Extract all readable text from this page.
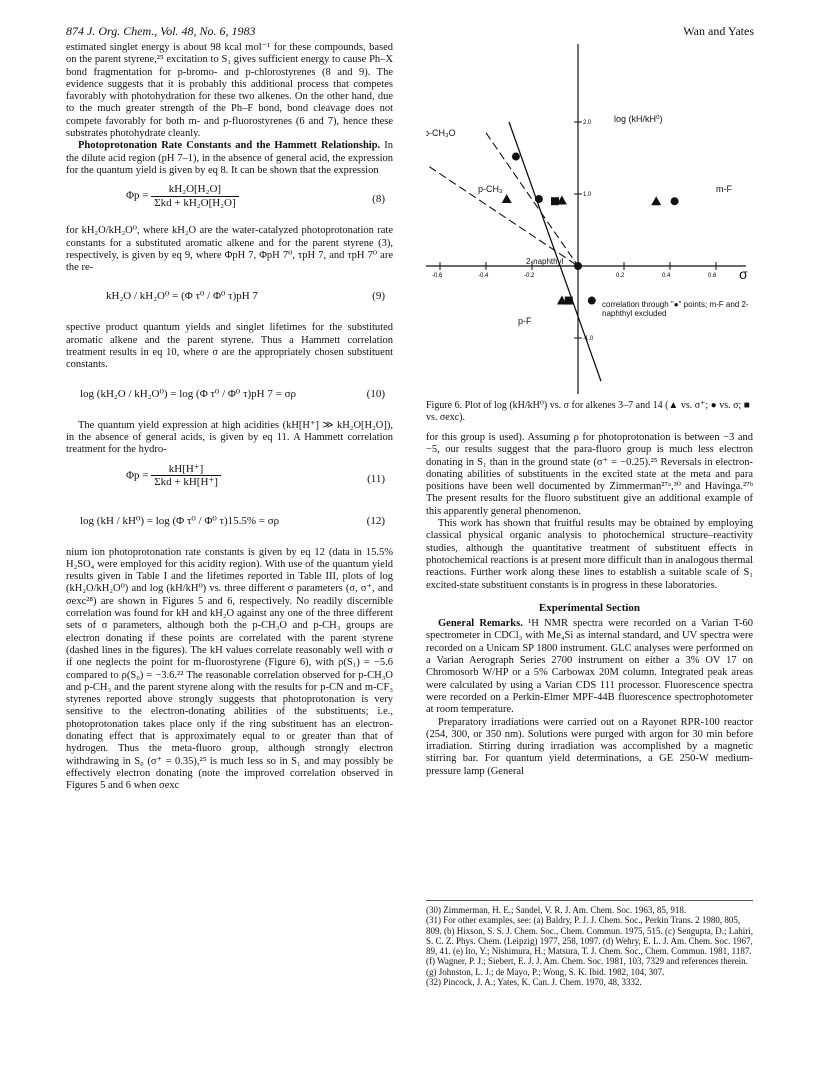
874 J. Org. Chem., Vol. 48, No. 6, 1983	Wan and Yates

estimated singlet energy is about 98 kcal mol⁻¹ for these compounds, based on the parent styrene,²⁵ excitation to S₁ gives sufficient energy to cause Ph–X bond fragmentation for p-bromo- and p-chlorostyrenes (8 and 9). The evidence suggests that it is probably this additional process that competes favorably with photohydration for these two alkenes. On the other hand, due to the much greater strength of the Ph–F bond, bond cleavage does not compete favorably for both m- and p-fluorostyrenes (6 and 7), hence these substrates photohydrate cleanly.

Photoprotonation Rate Constants and the Hammett Relationship. In the dilute acid region (pH 7–1), in the absence of general acid, the expression for the quantum yield is given by eq 8. It can be shown that the expression

$\Phi p = \frac{\text{kH₂O[H₂O]}}{\text{Σkd + kH₂O[H₂O]}}$	(8)

for kH₂O/kH₂O⁰, where kH₂O are the water-catalyzed photoprotonation rate constants for a substituted aromatic alkene and for the parent styrene (3), respectively, is given by eq 9, where ΦpH 7, ΦpH 7⁰, τpH 7, and τpH 7⁰ are the re-

kH₂O / kH₂O⁰ = (Φ τ⁰ / Φ⁰ τ)pH 7	(9)

spective product quantum yields and singlet lifetimes for the substituted aromatic alkene and the parent styrene. Thus a Hammett correlation treatment results in eq 10, where σ are the appropriately chosen substituent constants.

log (kH₂O / kH₂O⁰) = log (Φ τ⁰ / Φ⁰ τ)pH 7 = σρ	(10)

The quantum yield expression at high acidities (kH[H⁺] ≫ kH₂O[H₂O]), in the absence of general acids, is given by eq 11. A Hammett correlation treatment for the hydro-

$\Phi p = \frac{kH[H^+]}{\text{Σkd + kH[H⁺]}}$	(11)
log (kH / kH⁰) = log (Φ τ⁰ / Φ⁰ τ)15.5% = σρ	(12)

nium ion photoprotonation rate constants is given by eq 12 (data in 15.5% H₂SO₄ were employed for this acidity region). With use of the quantum yield results given in Table I and the lifetimes reported in Table III, plots of log (kH₂O/kH₂O⁰) and log (kH/kH⁰) vs. three different σ parameters (σ, σ⁺, and σexc²⁸) are shown in Figures 5 and 6, respectively. No readily discernible correlation was found for kH and kH₂O against any one of the three different sets of σ parameters, although both the p-CH₃O and p-CH₃ groups are electron donating if these points are correlated with the parent styrene (dashed lines in the figures). The kH values correlate reasonably well with σ if one neglects the point for m-fluorostyrene (Figure 6), with ρ(S₁) = −5.6 compared to ρ(S₀) = −3.6.²² The reasonable correlation observed for p-CH₃O and p-CH₃ and the parent styrene along with the results for p-CN and m-CF₃ styrenes reported above strongly suggests that photoprotonation is very sensitive to the electron-donating abilities of the substituents; i.e., photoprotonation takes place only if the ring substituent has an electron-donating effect that is approximately equal to or greater than that of hydrogen. Thus the meta-fluoro group, although strongly electron withdrawing in S₀ (σ⁺ = 0.35),²⁵ is much less so in S₁ and may possibly be effectively electron donating (note the improved correlation observed in Figures 5 and 6 when σexc

-0.6	-0.4	-0.2	0.2	0.4	0.6
2.0
1.0
-1.0
p-CH₃O
p-CH₃
2-naphthyl
m-F
p-F
log (kH/kH⁰)
σ
correlation through "●" points; m-F and 2-naphthyl excluded
Figure 6. Plot of log (kH/kH⁰) vs. σ for alkenes 3–7 and 14 (▲ vs. σ⁺; ● vs. σ; ■ vs. σexc).

for this group is used). Assuming ρ for photoprotonation is between −3 and −5, our results suggest that the para-fluoro group is much less electron donating in S₁ than in the ground state (σ⁺ = −0.25).²⁵ Reversals in electron-donating abilities of substituents in the excited state at the meta and para positions have been well documented by Zimmerman²⁷ᵃ,³⁰ and Havinga.²⁷ᵇ The present results for the fluoro substituent give an additional example of this apparently general phenomenon.

This work has shown that fruitful results may be obtained by employing classical physical organic analysis to photochemical structure–reactivity studies, although the quantitative treatment of substituent effects in photochemical reactions is at present more difficult than in analogous thermal reactions. Further work along these lines to establish a suitable scale of S₁ excited-state substituent constants is in progress in these laboratories.

Experimental Section

General Remarks. ¹H NMR spectra were recorded on a Varian T-60 spectrometer in CDCl₃ with Me₄Si as internal standard, and UV spectra were recorded on a Unicam SP 1800 instrument. GLC analyses were performed on a Varian Aerograph Series 2700 instrument on either a 3% OV 17 on Chromosorb W/HP or a 5% Carbowax 20M column. Integrated peak areas were calculated by using a Varian CDS 111 processor. Fluorescence spectra were recorded on a Perkin-Elmer MPF-44B fluorescence spectrophotometer at room temperature.

Preparatory irradiations were carried out on a Rayonet RPR-100 reactor (254, 300, or 350 nm). Solutions were purged with argon for 30 min before irradiation. Stirring during irradiation was accomplished by a magnetic stirring bar. For quantum yield determinations, a GE 250-W medium-pressure lamp (General

(30) Zimmerman, H. E.; Sandel, V. R. J. Am. Chem. Soc. 1963, 85, 918.

(31) For other examples, see: (a) Baldry, P. J. J. Chem. Soc., Perkin Trans. 2 1980, 805, 809. (b) Hixson, S. S. J. Chem. Soc., Chem. Commun. 1975, 515. (c) Sengupta, D.; Lahiri, S. C. Z. Phys. Chem. (Leipzig) 1977, 258, 1097. (d) Wehry, E. L. J. Am. Chem. Soc. 1967, 89, 41. (e) Ito, Y.; Nishimura, H.; Matsura, T. J. Chem. Soc., Chem. Commun. 1981, 1187. (f) Wagner, P. J.; Siebert, E. J. J. Am. Chem. Soc. 1981, 103, 7329 and references therein. (g) Johnston, L. J.; de Mayo, P.; Wong, S. K. Ibid. 1982, 104, 307.

(32) Pincock, J. A.; Yates, K. Can. J. Chem. 1970, 48, 3332.
